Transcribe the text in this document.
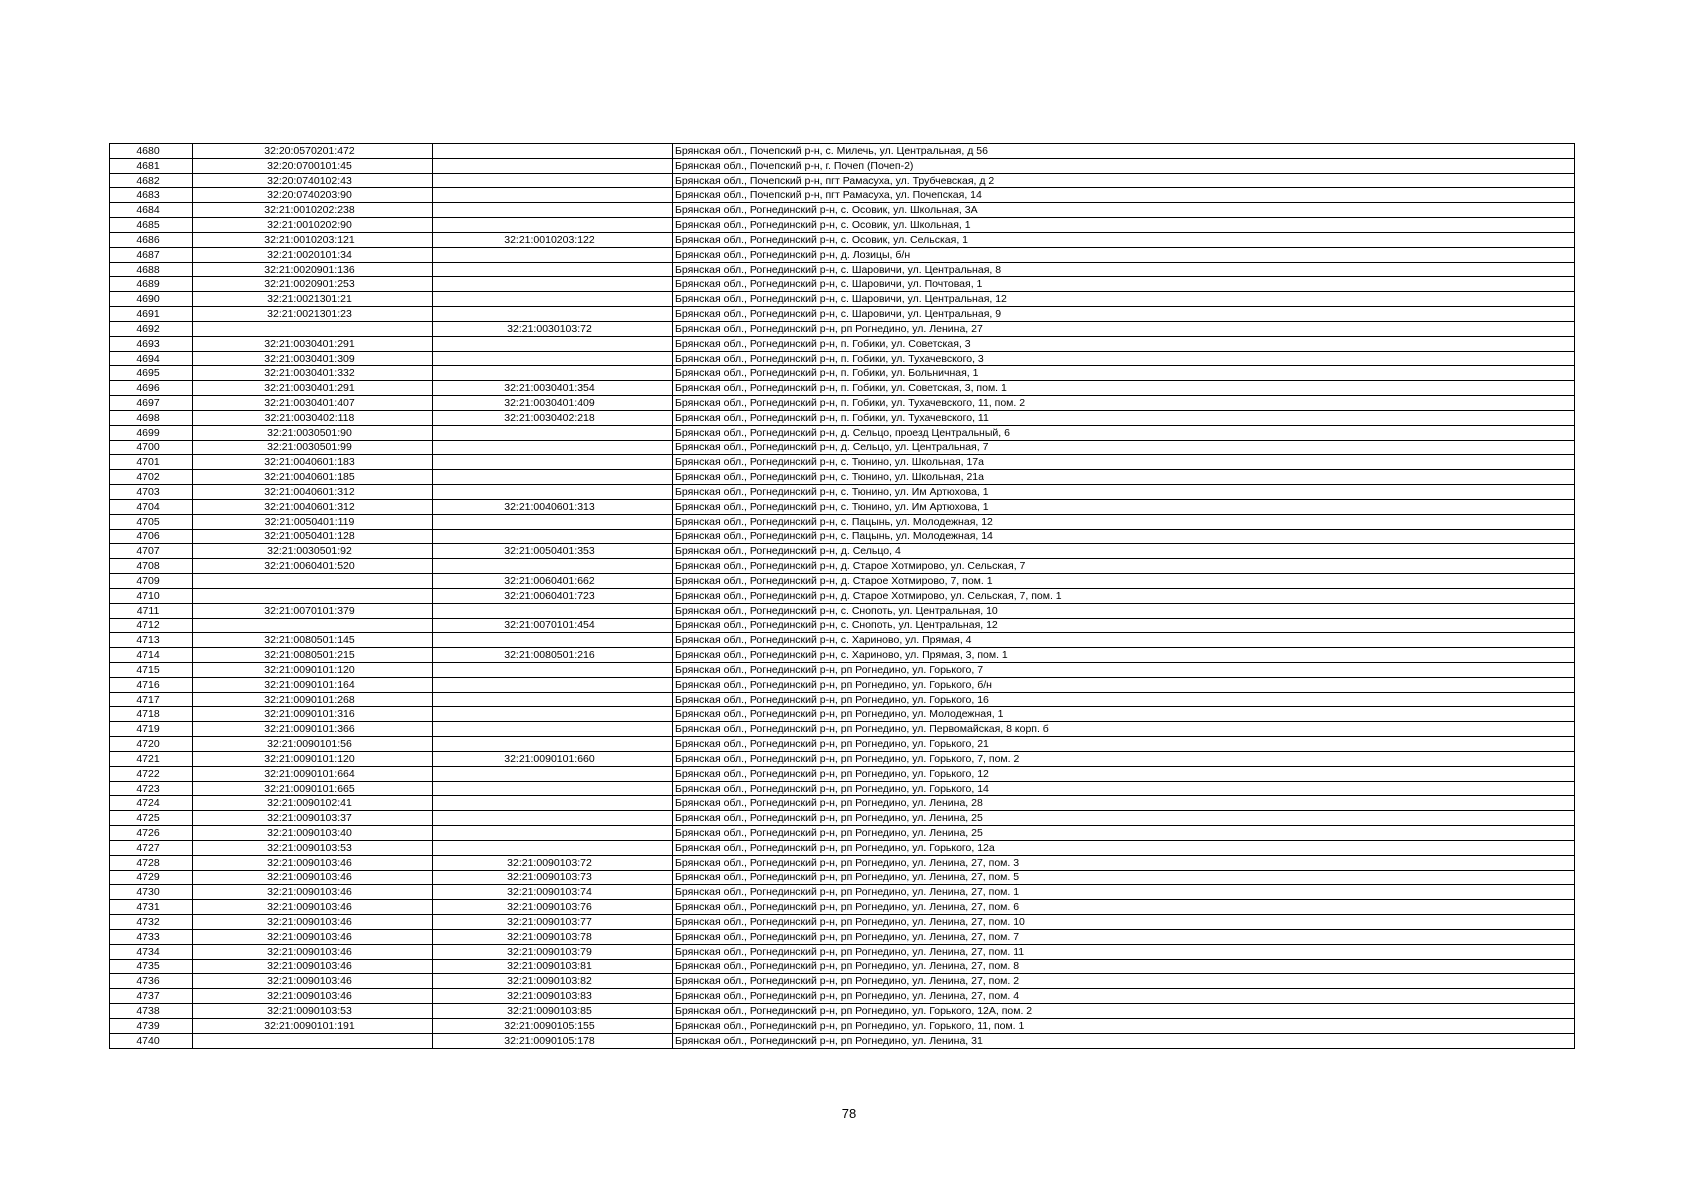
4680	32:20:0570201:472		Брянская обл., Почепский р-н, с. Милечь, ул. Центральная, д 56
4681	32:20:0700101:45		Брянская обл., Почепский р-н, г. Почеп (Почеп-2)
4682	32:20:0740102:43		Брянская обл., Почепский р-н, пгт Рамасуха, ул. Трубчевская, д 2
4683	32:20:0740203:90		Брянская обл., Почепский р-н, пгт Рамасуха, ул. Почепская, 14
4684	32:21:0010202:238		Брянская обл., Рогнединский р-н, с. Осовик, ул. Школьная, 3А
4685	32:21:0010202:90		Брянская обл., Рогнединский р-н, с. Осовик, ул. Школьная, 1
4686	32:21:0010203:121	32:21:0010203:122	Брянская обл., Рогнединский р-н, с. Осовик, ул. Сельская, 1
4687	32:21:0020101:34		Брянская обл., Рогнединский р-н, д. Лозицы, б/н
4688	32:21:0020901:136		Брянская обл., Рогнединский р-н, с. Шаровичи, ул. Центральная, 8
4689	32:21:0020901:253		Брянская обл., Рогнединский р-н, с. Шаровичи, ул. Почтовая, 1
4690	32:21:0021301:21		Брянская обл., Рогнединский р-н, с. Шаровичи, ул. Центральная, 12
4691	32:21:0021301:23		Брянская обл., Рогнединский р-н, с. Шаровичи, ул. Центральная, 9
4692		32:21:0030103:72	Брянская обл., Рогнединский р-н, рп Рогнедино, ул. Ленина, 27
4693	32:21:0030401:291		Брянская обл., Рогнединский р-н, п. Гобики, ул. Советская, 3
4694	32:21:0030401:309		Брянская обл., Рогнединский р-н, п. Гобики, ул. Тухачевского, 3
4695	32:21:0030401:332		Брянская обл., Рогнединский р-н, п. Гобики, ул. Больничная, 1
4696	32:21:0030401:291	32:21:0030401:354	Брянская обл., Рогнединский р-н, п. Гобики, ул. Советская, 3, пом. 1
4697	32:21:0030401:407	32:21:0030401:409	Брянская обл., Рогнединский р-н, п. Гобики, ул. Тухачевского, 11, пом. 2
4698	32:21:0030402:118	32:21:0030402:218	Брянская обл., Рогнединский р-н, п. Гобики, ул. Тухачевского, 11
4699	32:21:0030501:90		Брянская обл., Рогнединский р-н, д. Сельцо, проезд Центральный, 6
4700	32:21:0030501:99		Брянская обл., Рогнединский р-н, д. Сельцо, ул. Центральная, 7
4701	32:21:0040601:183		Брянская обл., Рогнединский р-н, с. Тюнино, ул. Школьная, 17а
4702	32:21:0040601:185		Брянская обл., Рогнединский р-н, с. Тюнино, ул. Школьная, 21а
4703	32:21:0040601:312		Брянская обл., Рогнединский р-н, с. Тюнино, ул. Им Артюхова, 1
4704	32:21:0040601:312	32:21:0040601:313	Брянская обл., Рогнединский р-н, с. Тюнино, ул. Им Артюхова, 1
4705	32:21:0050401:119		Брянская обл., Рогнединский р-н, с. Пацынь, ул. Молодежная, 12
4706	32:21:0050401:128		Брянская обл., Рогнединский р-н, с. Пацынь, ул. Молодежная, 14
4707	32:21:0030501:92	32:21:0050401:353	Брянская обл., Рогнединский р-н, д. Сельцо, 4
4708	32:21:0060401:520		Брянская обл., Рогнединский р-н, д. Старое Хотмирово, ул. Сельская, 7
4709		32:21:0060401:662	Брянская обл., Рогнединский р-н, д. Старое Хотмирово, 7, пом. 1
4710		32:21:0060401:723	Брянская обл., Рогнединский р-н, д. Старое Хотмирово, ул. Сельская, 7, пом. 1
4711	32:21:0070101:379		Брянская обл., Рогнединский р-н, с. Снопоть, ул. Центральная, 10
4712		32:21:0070101:454	Брянская обл., Рогнединский р-н, с. Снопоть, ул. Центральная, 12
4713	32:21:0080501:145		Брянская обл., Рогнединский р-н, с. Хариново, ул. Прямая, 4
4714	32:21:0080501:215	32:21:0080501:216	Брянская обл., Рогнединский р-н, с. Хариново, ул. Прямая, 3, пом. 1
4715	32:21:0090101:120		Брянская обл., Рогнединский р-н, рп Рогнедино, ул. Горького, 7
4716	32:21:0090101:164		Брянская обл., Рогнединский р-н, рп Рогнедино, ул. Горького, б/н
4717	32:21:0090101:268		Брянская обл., Рогнединский р-н, рп Рогнедино, ул. Горького, 16
4718	32:21:0090101:316		Брянская обл., Рогнединский р-н, рп Рогнедино, ул. Молодежная, 1
4719	32:21:0090101:366		Брянская обл., Рогнединский р-н, рп Рогнедино, ул. Первомайская, 8 корп. б
4720	32:21:0090101:56		Брянская обл., Рогнединский р-н, рп Рогнедино, ул. Горького, 21
4721	32:21:0090101:120	32:21:0090101:660	Брянская обл., Рогнединский р-н, рп Рогнедино, ул. Горького, 7, пом. 2
4722	32:21:0090101:664		Брянская обл., Рогнединский р-н, рп Рогнедино, ул. Горького, 12
4723	32:21:0090101:665		Брянская обл., Рогнединский р-н, рп Рогнедино, ул. Горького, 14
4724	32:21:0090102:41		Брянская обл., Рогнединский р-н, рп Рогнедино, ул. Ленина, 28
4725	32:21:0090103:37		Брянская обл., Рогнединский р-н, рп Рогнедино, ул. Ленина, 25
4726	32:21:0090103:40		Брянская обл., Рогнединский р-н, рп Рогнедино, ул. Ленина, 25
4727	32:21:0090103:53		Брянская обл., Рогнединский р-н, рп Рогнедино, ул. Горького, 12а
4728	32:21:0090103:46	32:21:0090103:72	Брянская обл., Рогнединский р-н, рп Рогнедино, ул. Ленина, 27, пом. 3
4729	32:21:0090103:46	32:21:0090103:73	Брянская обл., Рогнединский р-н, рп Рогнедино, ул. Ленина, 27, пом. 5
4730	32:21:0090103:46	32:21:0090103:74	Брянская обл., Рогнединский р-н, рп Рогнедино, ул. Ленина, 27, пом. 1
4731	32:21:0090103:46	32:21:0090103:76	Брянская обл., Рогнединский р-н, рп Рогнедино, ул. Ленина, 27, пом. 6
4732	32:21:0090103:46	32:21:0090103:77	Брянская обл., Рогнединский р-н, рп Рогнедино, ул. Ленина, 27, пом. 10
4733	32:21:0090103:46	32:21:0090103:78	Брянская обл., Рогнединский р-н, рп Рогнедино, ул. Ленина, 27, пом. 7
4734	32:21:0090103:46	32:21:0090103:79	Брянская обл., Рогнединский р-н, рп Рогнедино, ул. Ленина, 27, пом. 11
4735	32:21:0090103:46	32:21:0090103:81	Брянская обл., Рогнединский р-н, рп Рогнедино, ул. Ленина, 27, пом. 8
4736	32:21:0090103:46	32:21:0090103:82	Брянская обл., Рогнединский р-н, рп Рогнедино, ул. Ленина, 27, пом. 2
4737	32:21:0090103:46	32:21:0090103:83	Брянская обл., Рогнединский р-н, рп Рогнедино, ул. Ленина, 27, пом. 4
4738	32:21:0090103:53	32:21:0090103:85	Брянская обл., Рогнединский р-н, рп Рогнедино, ул. Горького, 12А, пом. 2
4739	32:21:0090101:191	32:21:0090105:155	Брянская обл., Рогнединский р-н, рп Рогнедино, ул. Горького, 11, пом. 1
4740		32:21:0090105:178	Брянская обл., Рогнединский р-н, рп Рогнедино, ул. Ленина, 31
78
